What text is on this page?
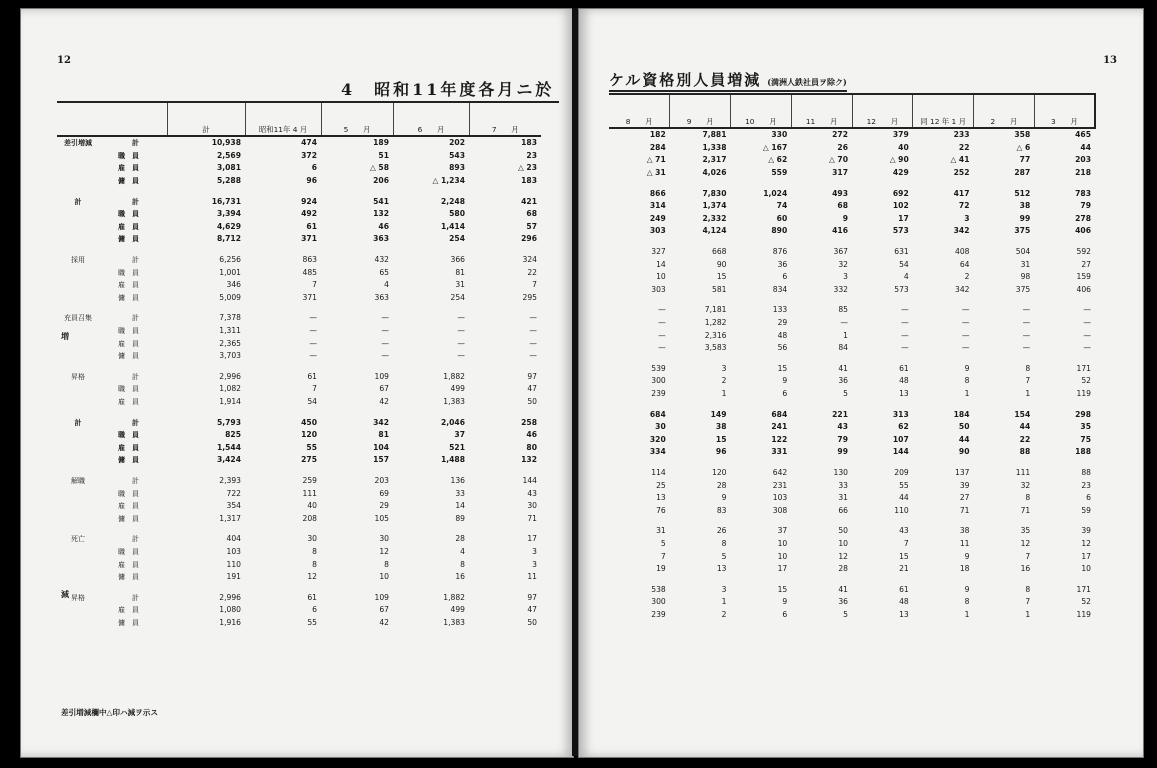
12
4　昭和11年度各月ニ於
増
減
	計	昭和11年 4 月	5　　月	6　　月	7　　月
差引増減 計	10,938	474	189	202	183
職　員	2,569	372	51	543	23
雇　員	3,081	6	△ 58	893	△ 23
傭　員	5,288	96	206	△ 1,234	183

計 計	16,731	924	541	2,248	421
職　員	3,394	492	132	580	68
雇　員	4,629	61	46	1,414	57
傭　員	8,712	371	363	254	296

採用 計	6,256	863	432	366	324
職　員	1,001	485	65	81	22
雇　員	346	7	4	31	7
傭　員	5,009	371	363	254	295

充員召集 計	7,378	—	—	—	—
職　員	1,311	—	—	—	—
雇　員	2,365	—	—	—	—
傭　員	3,703	—	—	—	—

昇格 計	2,996	61	109	1,882	97
職　員	1,082	7	67	499	47
雇　員	1,914	54	42	1,383	50

計 計	5,793	450	342	2,046	258
職　員	825	120	81	37	46
雇　員	1,544	55	104	521	80
傭　員	3,424	275	157	1,488	132

解職 計	2,393	259	203	136	144
職　員	722	111	69	33	43
雇　員	354	40	29	14	30
傭　員	1,317	208	105	89	71

死亡 計	404	30	30	28	17
職　員	103	8	12	4	3
雇　員	110	8	8	8	3
傭　員	191	12	10	16	11

昇格 計	2,996	61	109	1,882	97
雇　員	1,080	6	67	499	47
傭　員	1,916	55	42	1,383	50
差引増減欄中△印ハ減ヲ示ス
13
ケル資格別人員増減 (満洲人鉄社員ヲ除ク)
8　　月	9　　月	10　　月	11　　月	12　　月	同 12 年 1 月	2　　月	3　　月
182	7,881	330	272	379	233	358	465
284	1,338	△ 167	26	40	22	△ 6	44
△ 71	2,317	△ 62	△ 70	△ 90	△ 41	77	203
△ 31	4,026	559	317	429	252	287	218

866	7,830	1,024	493	692	417	512	783
314	1,374	74	68	102	72	38	79
249	2,332	60	9	17	3	99	278
303	4,124	890	416	573	342	375	406

327	668	876	367	631	408	504	592
14	90	36	32	54	64	31	27
10	15	6	3	4	2	98	159
303	581	834	332	573	342	375	406

—	7,181	133	85	—	—	—	—
—	1,282	29	—	—	—	—	—
—	2,316	48	1	—	—	—	—
—	3,583	56	84	—	—	—	—

539	3	15	41	61	9	8	171
300	2	9	36	48	8	7	52
239	1	6	5	13	1	1	119

684	149	684	221	313	184	154	298
30	38	241	43	62	50	44	35
320	15	122	79	107	44	22	75
334	96	331	99	144	90	88	188

114	120	642	130	209	137	111	88
25	28	231	33	55	39	32	23
13	9	103	31	44	27	8	6
76	83	308	66	110	71	71	59

31	26	37	50	43	38	35	39
5	8	10	10	7	11	12	12
7	5	10	12	15	9	7	17
19	13	17	28	21	18	16	10

538	3	15	41	61	9	8	171
300	1	9	36	48	8	7	52
239	2	6	5	13	1	1	119
